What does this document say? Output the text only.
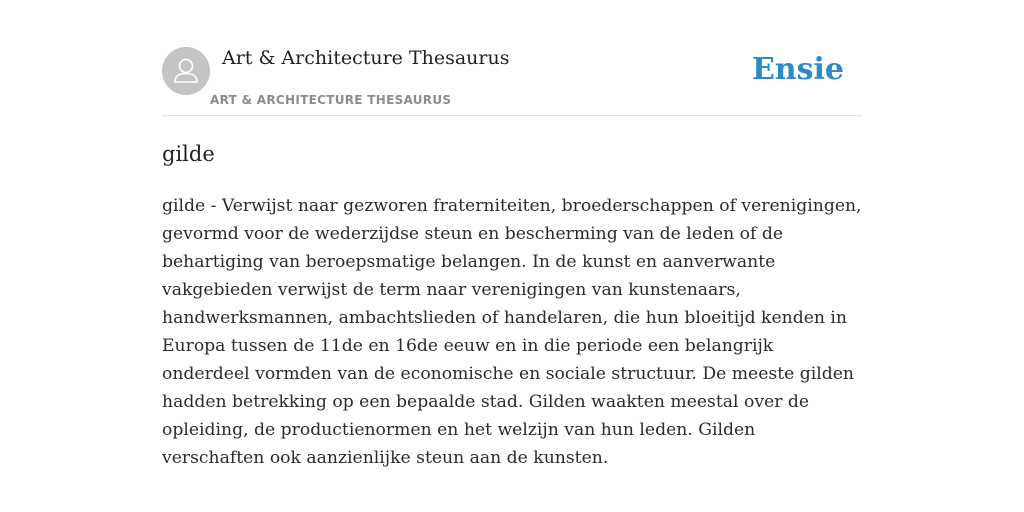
Art & Architecture Thesaurus
ART & ARCHITECTURE THESAURUS
Ensie
gilde

gilde - Verwijst naar gezworen fraterniteiten, broederschappen of verenigingen, gevormd voor de wederzijdse steun en bescherming van de leden of de behartiging van beroepsmatige belangen. In de kunst en aanverwante vakgebieden verwijst de term naar verenigingen van kunstenaars, handwerksmannen, ambachtslieden of handelaren, die hun bloeitijd kenden in Europa tussen de 11de en 16de eeuw en in die periode een belangrijk onderdeel vormden van de economische en sociale structuur. De meeste gilden hadden betrekking op een bepaalde stad. Gilden waakten meestal over de opleiding, de productienormen en het welzijn van hun leden. Gilden verschaften ook aanzienlijke steun aan de kunsten.
